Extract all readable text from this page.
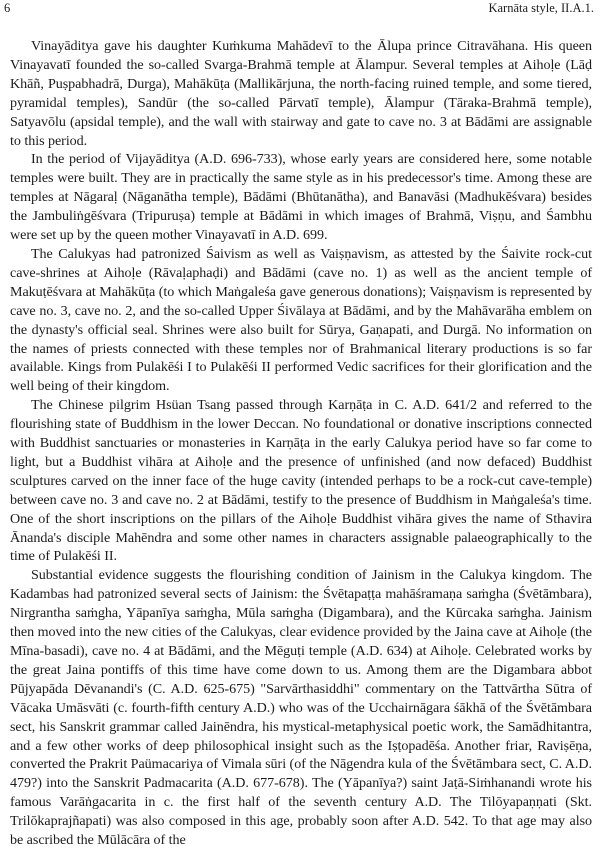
6	Karnāta style, II.A.1.

Vinayāditya gave his daughter Kuṁkuma Mahādevī to the Ālupa prince Citravāhana. His queen Vinayavatī founded the so-called Svarga-Brahmā temple at Ālampur. Several temples at Aihoḷe (Lāḍ Khāñ, Puṣpabhadrā, Durga), Mahākūṭa (Mallikārjuna, the north-facing ruined temple, and some tiered, pyramidal temples), Sandūr (the so-called Pārvatī temple), Ālampur (Tāraka-Brahmā temple), Satyavōlu (apsidal temple), and the wall with stairway and gate to cave no. 3 at Bādāmi are assignable to this period.

In the period of Vijayāditya (A.D. 696-733), whose early years are considered here, some notable temples were built. They are in practically the same style as in his predecessor's time. Among these are temples at Nāgaraḷ (Nāganātha temple), Bādāmi (Bhūtanātha), and Banavāsi (Madhukēśvara) besides the Jambuliṅgēśvara (Tripuruṣa) temple at Bādāmi in which images of Brahmā, Viṣṇu, and Śambhu were set up by the queen mother Vinayavatī in A.D. 699.

The Calukyas had patronized Śaivism as well as Vaiṣṇavism, as attested by the Śaivite rock-cut cave-shrines at Aihoḷe (Rāvaḷaphaḍi) and Bādāmi (cave no. 1) as well as the ancient temple of Makuṭēśvara at Mahākūṭa (to which Maṅgaleśa gave generous donations); Vaiṣṇavism is represented by cave no. 3, cave no. 2, and the so-called Upper Śivālaya at Bādāmi, and by the Mahāvarāha emblem on the dynasty's official seal. Shrines were also built for Sūrya, Gaṇapati, and Durgā. No information on the names of priests connected with these temples nor of Brahmanical literary productions is so far available. Kings from Pulakēśi I to Pulakēśi II performed Vedic sacrifices for their glorification and the well being of their kingdom.

The Chinese pilgrim Hsüan Tsang passed through Karṇāṭa in C. A.D. 641/2 and referred to the flourishing state of Buddhism in the lower Deccan. No foundational or donative inscriptions connected with Buddhist sanctuaries or monasteries in Karṇāṭa in the early Calukya period have so far come to light, but a Buddhist vihāra at Aihoḷe and the presence of unfinished (and now defaced) Buddhist sculptures carved on the inner face of the huge cavity (intended perhaps to be a rock-cut cave-temple) between cave no. 3 and cave no. 2 at Bādāmi, testify to the presence of Buddhism in Maṅgaleśa's time. One of the short inscriptions on the pillars of the Aihoḷe Buddhist vihāra gives the name of Sthavira Ānanda's disciple Mahēndra and some other names in characters assignable palaeographically to the time of Pulakēśi II.

Substantial evidence suggests the flourishing condition of Jainism in the Calukya kingdom. The Kadambas had patronized several sects of Jainism: the Śvētapaṭṭa mahāśramaṇa saṁgha (Śvētāmbara), Nirgrantha saṁgha, Yāpanīya saṁgha, Mūla saṁgha (Digambara), and the Kūrcaka saṁgha. Jainism then moved into the new cities of the Calukyas, clear evidence provided by the Jaina cave at Aihoḷe (the Mīna-basadi), cave no. 4 at Bādāmi, and the Mēguṭi temple (A.D. 634) at Aihoḷe. Celebrated works by the great Jaina pontiffs of this time have come down to us. Among them are the Digambara abbot Pūjyapāda Dēvanandi's (C. A.D. 625-675) "Sarvārthasiddhi" commentary on the Tattvārtha Sūtra of Vācaka Umāsvāti (c. fourth-fifth century A.D.) who was of the Ucchairnāgara śākhā of the Śvētāmbara sect, his Sanskrit grammar called Jainēndra, his mystical-metaphysical poetic work, the Samādhitantra, and a few other works of deep philosophical insight such as the Iṣṭopadēśa. Another friar, Raviṣēṇa, converted the Prakrit Paümacariya of Vimala sūri (of the Nāgendra kula of the Śvētāmbara sect, C. A.D. 479?) into the Sanskrit Padmacarita (A.D. 677-678). The (Yāpanīya?) saint Jaṭā-Siṁhanandi wrote his famous Varāṅgacarita in c. the first half of the seventh century A.D. The Tilōyapaṇṇati (Skt. Trilōkaprajñapati) was also composed in this age, probably soon after A.D. 542. To that age may also be ascribed the Mūlācāra of the
